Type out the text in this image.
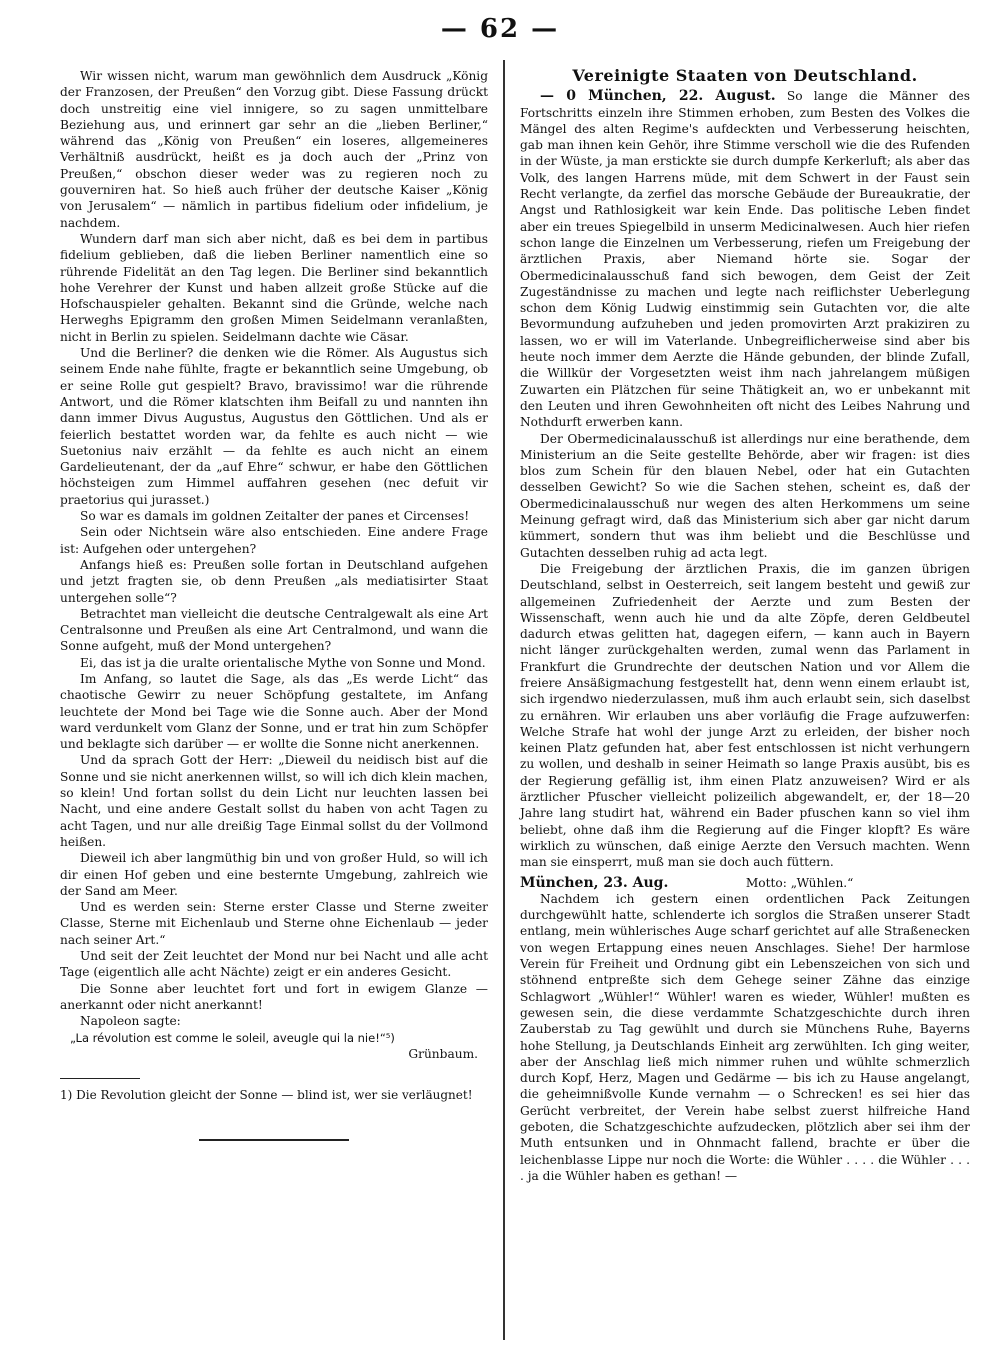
— 62 —

Wir wissen nicht, warum man gewöhnlich dem Ausdruck „König der Franzosen, der Preußen“ den Vorzug gibt. Diese Fassung drückt doch unstreitig eine viel innigere, so zu sagen unmittelbare Beziehung aus, und erinnert gar sehr an die „lieben Berliner,“ während das „König von Preußen“ ein loseres, allgemeineres Verhältniß ausdrückt, heißt es ja doch auch der „Prinz von Preußen,“ obschon dieser weder was zu regieren noch zu gouverniren hat. So hieß auch früher der deutsche Kaiser „König von Jerusalem“ — nämlich in partibus fidelium oder infidelium, je nachdem.

Wundern darf man sich aber nicht, daß es bei dem in partibus fidelium geblieben, daß die lieben Berliner namentlich eine so rührende Fidelität an den Tag legen. Die Berliner sind bekanntlich hohe Verehrer der Kunst und haben allzeit große Stücke auf die Hofschauspieler gehalten. Bekannt sind die Gründe, welche nach Herweghs Epigramm den großen Mimen Seidelmann veranlaßten, nicht in Berlin zu spielen. Seidelmann dachte wie Cäsar.

Und die Berliner? die denken wie die Römer. Als Augustus sich seinem Ende nahe fühlte, fragte er bekanntlich seine Umgebung, ob er seine Rolle gut gespielt? Bravo, bravissimo! war die rührende Antwort, und die Römer klatschten ihm Beifall zu und nannten ihn dann immer Divus Augustus, Augustus den Göttlichen. Und als er feierlich bestattet worden war, da fehlte es auch nicht — wie Suetonius naiv erzählt — da fehlte es auch nicht an einem Gardelieutenant, der da „auf Ehre“ schwur, er habe den Göttlichen höchsteigen zum Himmel auffahren gesehen (nec defuit vir praetorius qui jurasset.)

So war es damals im goldnen Zeitalter der panes et Circenses!

Sein oder Nichtsein wäre also entschieden. Eine andere Frage ist: Aufgehen oder untergehen?

Anfangs hieß es: Preußen solle fortan in Deutschland aufgehen und jetzt fragten sie, ob denn Preußen „als mediatisirter Staat untergehen solle“?

Betrachtet man vielleicht die deutsche Centralgewalt als eine Art Centralsonne und Preußen als eine Art Centralmond, und wann die Sonne aufgeht, muß der Mond untergehen?

Ei, das ist ja die uralte orientalische Mythe von Sonne und Mond.

Im Anfang, so lautet die Sage, als das „Es werde Licht“ das chaotische Gewirr zu neuer Schöpfung gestaltete, im Anfang leuchtete der Mond bei Tage wie die Sonne auch. Aber der Mond ward verdunkelt vom Glanz der Sonne, und er trat hin zum Schöpfer und beklagte sich darüber — er wollte die Sonne nicht anerkennen.

Und da sprach Gott der Herr: „Dieweil du neidisch bist auf die Sonne und sie nicht anerkennen willst, so will ich dich klein machen, so klein! Und fortan sollst du dein Licht nur leuchten lassen bei Nacht, und eine andere Gestalt sollst du haben von acht Tagen zu acht Tagen, und nur alle dreißig Tage Einmal sollst du der Vollmond heißen.

Dieweil ich aber langmüthig bin und von großer Huld, so will ich dir einen Hof geben und eine besternte Umgebung, zahlreich wie der Sand am Meer.

Und es werden sein: Sterne erster Classe und Sterne zweiter Classe, Sterne mit Eichenlaub und Sterne ohne Eichenlaub — jeder nach seiner Art.“

Und seit der Zeit leuchtet der Mond nur bei Nacht und alle acht Tage (eigentlich alle acht Nächte) zeigt er ein anderes Gesicht.

Die Sonne aber leuchtet fort und fort in ewigem Glanze — anerkannt oder nicht anerkannt!

Napoleon sagte:

„La révolution est comme le soleil, aveugle qui la nie!“⁵)

Grünbaum.

1) Die Revolution gleicht der Sonne — blind ist, wer sie verläugnet!

Vereinigte Staaten von Deutschland.

— 0 München, 22. August. So lange die Männer des Fortschritts einzeln ihre Stimmen erhoben, zum Besten des Volkes die Mängel des alten Regime's aufdeckten und Verbesserung heischten, gab man ihnen kein Gehör, ihre Stimme verscholl wie die des Rufenden in der Wüste, ja man erstickte sie durch dumpfe Kerkerluft; als aber das Volk, des langen Harrens müde, mit dem Schwert in der Faust sein Recht verlangte, da zerfiel das morsche Gebäude der Bureaukratie, der Angst und Rathlosigkeit war kein Ende. Das politische Leben findet aber ein treues Spiegelbild in unserm Medicinalwesen. Auch hier riefen schon lange die Einzelnen um Verbesserung, riefen um Freigebung der ärztlichen Praxis, aber Niemand hörte sie. Sogar der Obermedicinalausschuß fand sich bewogen, dem Geist der Zeit Zugeständnisse zu machen und legte nach reiflichster Ueberlegung schon dem König Ludwig einstimmig sein Gutachten vor, die alte Bevormundung aufzuheben und jeden promovirten Arzt prakiziren zu lassen, wo er will im Vaterlande. Unbegreiflicherweise sind aber bis heute noch immer dem Aerzte die Hände gebunden, der blinde Zufall, die Willkür der Vorgesetzten weist ihm nach jahrelangem müßigen Zuwarten ein Plätzchen für seine Thätigkeit an, wo er unbekannt mit den Leuten und ihren Gewohnheiten oft nicht des Leibes Nahrung und Nothdurft erwerben kann.

Der Obermedicinalausschuß ist allerdings nur eine berathende, dem Ministerium an die Seite gestellte Behörde, aber wir fragen: ist dies blos zum Schein für den blauen Nebel, oder hat ein Gutachten desselben Gewicht? So wie die Sachen stehen, scheint es, daß der Obermedicinalausschuß nur wegen des alten Herkommens um seine Meinung gefragt wird, daß das Ministerium sich aber gar nicht darum kümmert, sondern thut was ihm beliebt und die Beschlüsse und Gutachten desselben ruhig ad acta legt.

Die Freigebung der ärztlichen Praxis, die im ganzen übrigen Deutschland, selbst in Oesterreich, seit langem besteht und gewiß zur allgemeinen Zufriedenheit der Aerzte und zum Besten der Wissenschaft, wenn auch hie und da alte Zöpfe, deren Geldbeutel dadurch etwas gelitten hat, dagegen eifern, — kann auch in Bayern nicht länger zurückgehalten werden, zumal wenn das Parlament in Frankfurt die Grundrechte der deutschen Nation und vor Allem die freiere Ansäßigmachung festgestellt hat, denn wenn einem erlaubt ist, sich irgendwo niederzulassen, muß ihm auch erlaubt sein, sich daselbst zu ernähren. Wir erlauben uns aber vorläufig die Frage aufzuwerfen: Welche Strafe hat wohl der junge Arzt zu erleiden, der bisher noch keinen Platz gefunden hat, aber fest entschlossen ist nicht verhungern zu wollen, und deshalb in seiner Heimath so lange Praxis ausübt, bis es der Regierung gefällig ist, ihm einen Platz anzuweisen? Wird er als ärztlicher Pfuscher vielleicht polizeilich abgewandelt, er, der 18—20 Jahre lang studirt hat, während ein Bader pfuschen kann so viel ihm beliebt, ohne daß ihm die Regierung auf die Finger klopft? Es wäre wirklich zu wünschen, daß einige Aerzte den Versuch machten. Wenn man sie einsperrt, muß man sie doch auch füttern.

München, 23. Aug.	Motto: „Wühlen.“

Nachdem ich gestern einen ordentlichen Pack Zeitungen durchgewühlt hatte, schlenderte ich sorglos die Straßen unserer Stadt entlang, mein wühlerisches Auge scharf gerichtet auf alle Straßenecken von wegen Ertappung eines neuen Anschlages. Siehe! Der harmlose Verein für Freiheit und Ordnung gibt ein Lebenszeichen von sich und stöhnend entpreßte sich dem Gehege seiner Zähne das einzige Schlagwort „Wühler!“ Wühler! waren es wieder, Wühler! mußten es gewesen sein, die diese verdammte Schatzgeschichte durch ihren Zauberstab zu Tag gewühlt und durch sie Münchens Ruhe, Bayerns hohe Stellung, ja Deutschlands Einheit arg zerwühlten. Ich ging weiter, aber der Anschlag ließ mich nimmer ruhen und wühlte schmerzlich durch Kopf, Herz, Magen und Gedärme — bis ich zu Hause angelangt, die geheimnißvolle Kunde vernahm — o Schrecken! es sei hier das Gerücht verbreitet, der Verein habe selbst zuerst hilfreiche Hand geboten, die Schatzgeschichte aufzudecken, plötzlich aber sei ihm der Muth entsunken und in Ohnmacht fallend, brachte er über die leichenblasse Lippe nur noch die Worte: die Wühler . . . . die Wühler . . . . ja die Wühler haben es gethan! —
